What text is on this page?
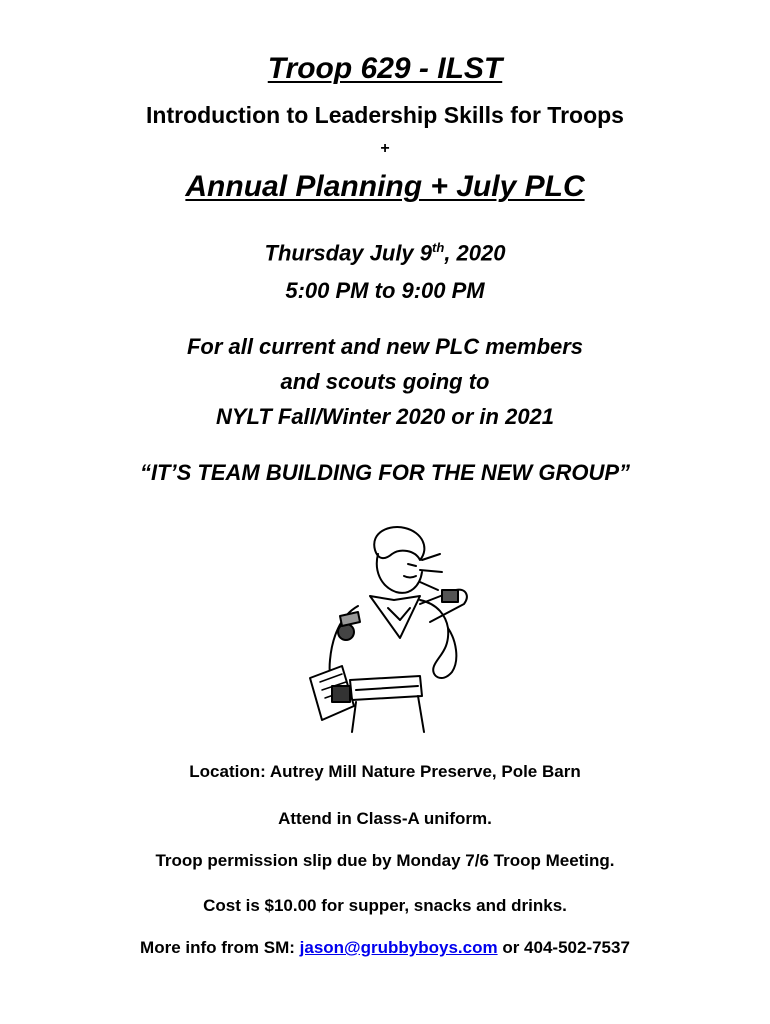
Troop 629 - ILST
Introduction to Leadership Skills for Troops
+
Annual Planning + July PLC
Thursday July 9th, 2020
5:00 PM to 9:00 PM
For all current and new PLC members
and scouts going to
NYLT Fall/Winter 2020 or in 2021
“IT’S TEAM BUILDING FOR THE NEW GROUP”
Location: Autrey Mill Nature Preserve, Pole Barn
Attend in Class-A uniform.
Troop permission slip due by Monday 7/6 Troop Meeting.
Cost is $10.00 for supper, snacks and drinks.
More info from SM: jason@grubbyboys.com or 404-502-7537
